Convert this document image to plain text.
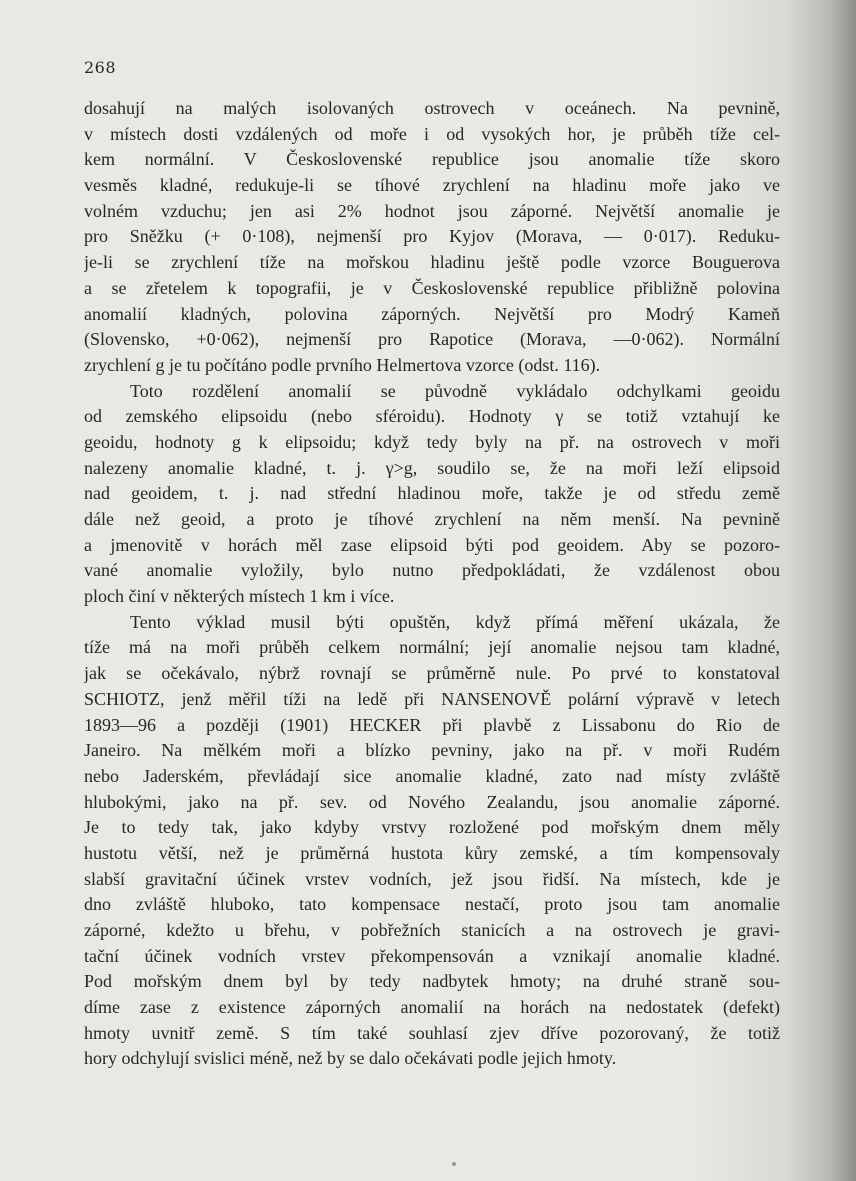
268
dosahují na malých isolovaných ostrovech v oceánech. Na pevnině,
v místech dosti vzdálených od moře i od vysokých hor, je průběh tíže cel-
kem normální. V Československé republice jsou anomalie tíže skoro
vesměs kladné, redukuje-li se tíhové zrychlení na hladinu moře jako ve
volném vzduchu; jen asi 2% hodnot jsou záporné. Největší anomalie je
pro Sněžku (+ 0·108), nejmenší pro Kyjov (Morava, — 0·017). Reduku-
je-li se zrychlení tíže na mořskou hladinu ještě podle vzorce Bouguerova
a se zřetelem k topografii, je v Československé republice přibližně polovina
anomalií kladných, polovina záporných. Největší pro Modrý Kameň
(Slovensko, +0·062), nejmenší pro Rapotice (Morava, —0·062). Normální
zrychlení g je tu počítáno podle prvního Helmertova vzorce (odst. 116).
Toto rozdělení anomalií se původně vykládalo odchylkami geoidu
od zemského elipsoidu (nebo sféroidu). Hodnoty γ se totiž vztahují ke
geoidu, hodnoty g k elipsoidu; když tedy byly na př. na ostrovech v moři
nalezeny anomalie kladné, t. j. γ>g, soudilo se, že na moři leží elipsoid
nad geoidem, t. j. nad střední hladinou moře, takže je od středu země
dále než geoid, a proto je tíhové zrychlení na něm menší. Na pevnině
a jmenovitě v horách měl zase elipsoid býti pod geoidem. Aby se pozoro-
vané anomalie vyložily, bylo nutno předpokládati, že vzdálenost obou
ploch činí v některých místech 1 km i více.
Tento výklad musil býti opuštěn, když přímá měření ukázala, že
tíže má na moři průběh celkem normální; její anomalie nejsou tam kladné,
jak se očekávalo, nýbrž rovnají se průměrně nule. Po prvé to konstatoval
SCHIOTZ, jenž měřil tíži na ledě při NANSENOVĚ polární výpravě v letech
1893—96 a později (1901) HECKER při plavbě z Lissabonu do Rio de
Janeiro. Na mělkém moři a blízko pevniny, jako na př. v moři Rudém
nebo Jaderském, převládají sice anomalie kladné, zato nad místy zvláště
hlubokými, jako na př. sev. od Nového Zealandu, jsou anomalie záporné.
Je to tedy tak, jako kdyby vrstvy rozložené pod mořským dnem měly
hustotu větší, než je průměrná hustota kůry zemské, a tím kompensovaly
slabší gravitační účinek vrstev vodních, jež jsou řidší. Na místech, kde je
dno zvláště hluboko, tato kompensace nestačí, proto jsou tam anomalie
záporné, kdežto u břehu, v pobřežních stanicích a na ostrovech je gravi-
tační účinek vodních vrstev překompensován a vznikají anomalie kladné.
Pod mořským dnem byl by tedy nadbytek hmoty; na druhé straně sou-
díme zase z existence záporných anomalií na horách na nedostatek (defekt)
hmoty uvnitř země. S tím také souhlasí zjev dříve pozorovaný, že totiž
hory odchylují svislici méně, než by se dalo očekávati podle jejich hmoty.
